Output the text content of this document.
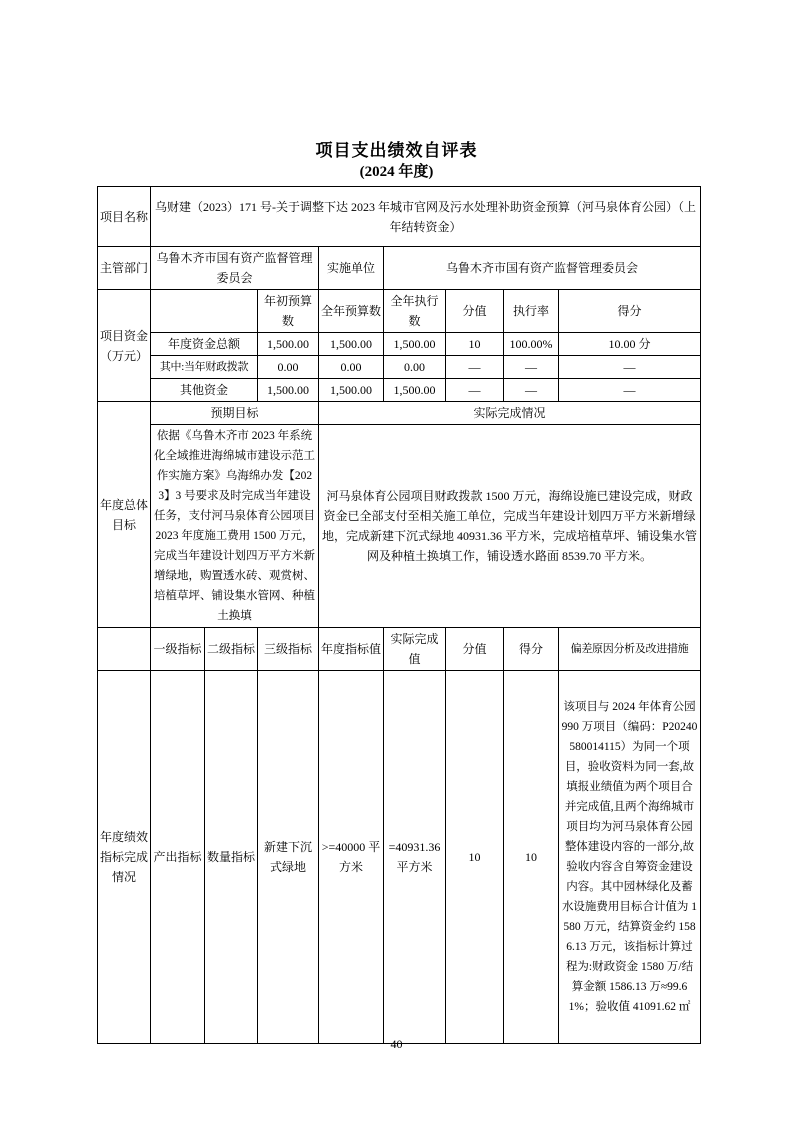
项目支出绩效自评表
(2024 年度)
项目名称	乌财建（2023）171 号-关于调整下达 2023 年城市官网及污水处理补助资金预算（河马泉体育公园）（上年结转资金）							
主管部门	乌鲁木齐市国有资产监督管理委员会			实施单位	乌鲁木齐市国有资产监督管理委员会			
项目资金（万元）			年初预算数	全年预算数	全年执行数	分值	执行率	得分
	年度资金总额		1,500.00	1,500.00	1,500.00	10	100.00%	10.00 分
	其中:当年财政拨款		0.00	0.00	0.00	—	—	—
	其他资金		1,500.00	1,500.00	1,500.00	—	—	—
年度总体目标	预期目标			实际完成情况				
	依据《乌鲁木齐市 2023 年系统化全域推进海绵城市建设示范工作实施方案》乌海绵办发【2023】3 号要求及时完成当年建设任务，支付河马泉体育公园项目 2023 年度施工费用 1500 万元，完成当年建设计划四万平方米新增绿地，购置透水砖、观赏树、培植草坪、铺设集水管网、种植土换填			河马泉体育公园项目财政拨款 1500 万元，海绵设施已建设完成，财政资金已全部支付至相关施工单位，完成当年建设计划四万平方米新增绿地，完成新建下沉式绿地 40931.36 平方米，完成培植草坪、铺设集水管网及种植土换填工作，铺设透水路面 8539.70 平方米。				
	一级指标	二级指标	三级指标	年度指标值	实际完成值	分值	得分	偏差原因分析及改进措施
年度绩效指标完成情况	产出指标	数量指标	新建下沉式绿地	>=40000 平方米	=40931.36 平方米	10	10	该项目与 2024 年体育公园 990 万项目（编码：P20240580014115）为同一个项目，验收资料为同一套,故填报业绩值为两个项目合并完成值,且两个海绵城市项目均为河马泉体育公园整体建设内容的一部分,故验收内容含自筹资金建设内容。其中园林绿化及蓄水设施费用目标合计值为 1580 万元，结算资金约 1586.13 万元，该指标计算过程为:财政资金 1580 万/结算金额 1586.13 万≈99.61%；验收值 41091.62 ㎡
40
